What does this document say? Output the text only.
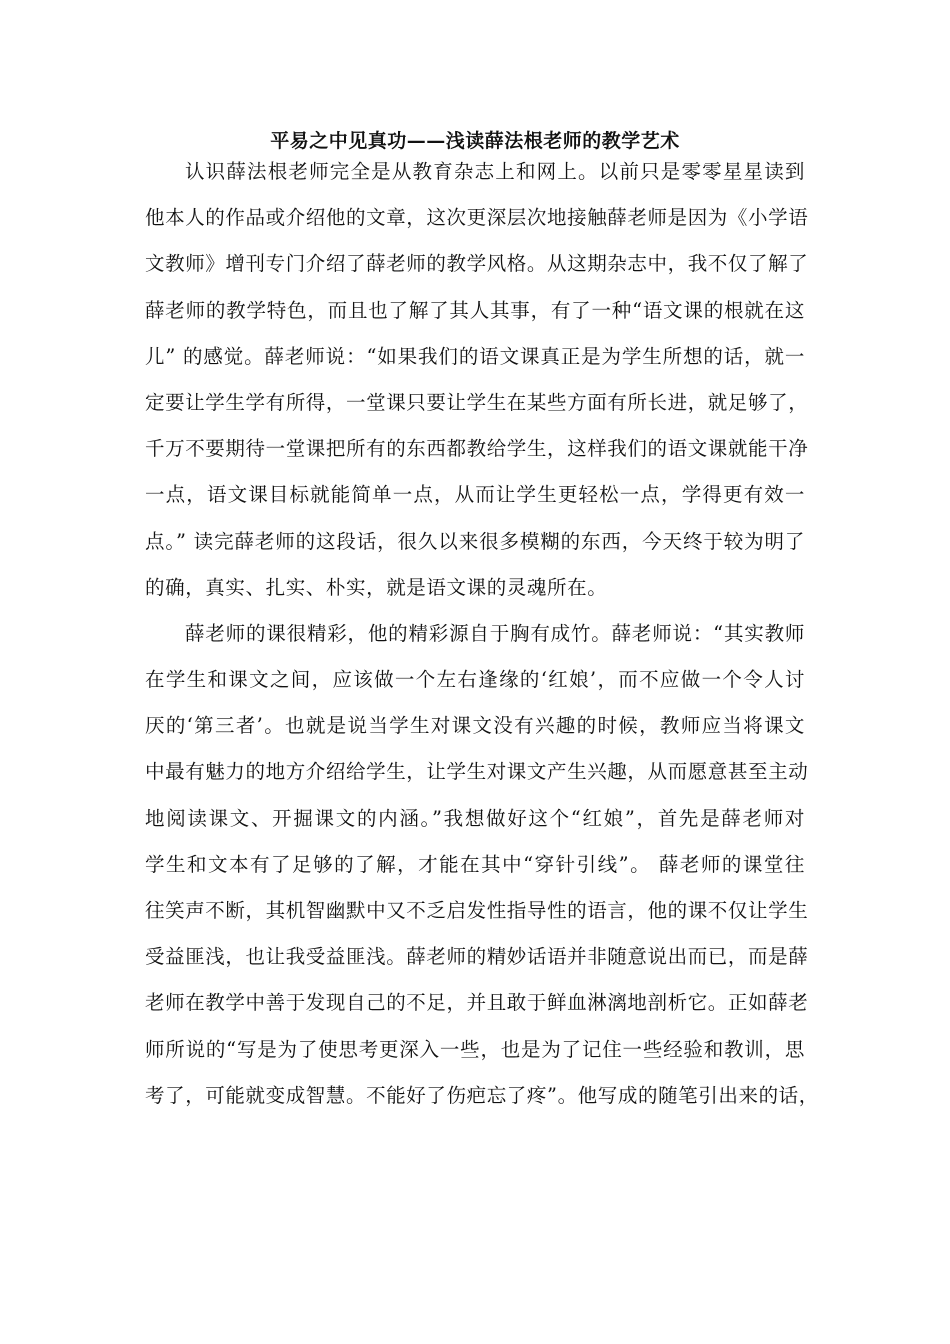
平易之中见真功——浅读薛法根老师的教学艺术
认识薛法根老师完全是从教育杂志上和网上。以前只是零零星星读到
他本人的作品或介绍他的文章，这次更深层次地接触薛老师是因为《小学语
文教师》增刊专门介绍了薛老师的教学风格。从这期杂志中，我不仅了解了
薛老师的教学特色，而且也了解了其人其事，有了一种“语文课的根就在这
儿” 的感觉。薛老师说：“如果我们的语文课真正是为学生所想的话，就一
定要让学生学有所得，一堂课只要让学生在某些方面有所长进，就足够了，
千万不要期待一堂课把所有的东西都教给学生，这样我们的语文课就能干净
一点，语文课目标就能简单一点，从而让学生更轻松一点，学得更有效一
点。” 读完薛老师的这段话，很久以来很多模糊的东西，今天终于较为明了
的确，真实、扎实、朴实，就是语文课的灵魂所在。
薛老师的课很精彩，他的精彩源自于胸有成竹。薛老师说：“其实教师
在学生和课文之间，应该做一个左右逢缘的‘红娘’，而不应做一个令人讨
厌的‘第三者’。也就是说当学生对课文没有兴趣的时候，教师应当将课文
中最有魅力的地方介绍给学生，让学生对课文产生兴趣，从而愿意甚至主动
地阅读课文、开掘课文的内涵。”我想做好这个“红娘”，首先是薛老师对
学生和文本有了足够的了解，才能在其中“穿针引线”。 薛老师的课堂往
往笑声不断，其机智幽默中又不乏启发性指导性的语言，他的课不仅让学生
受益匪浅，也让我受益匪浅。薛老师的精妙话语并非随意说出而已，而是薛
老师在教学中善于发现自己的不足，并且敢于鲜血淋漓地剖析它。正如薛老
师所说的“写是为了使思考更深入一些，也是为了记住一些经验和教训，思
考了，可能就变成智慧。不能好了伤疤忘了疼”。他写成的随笔引出来的话，
